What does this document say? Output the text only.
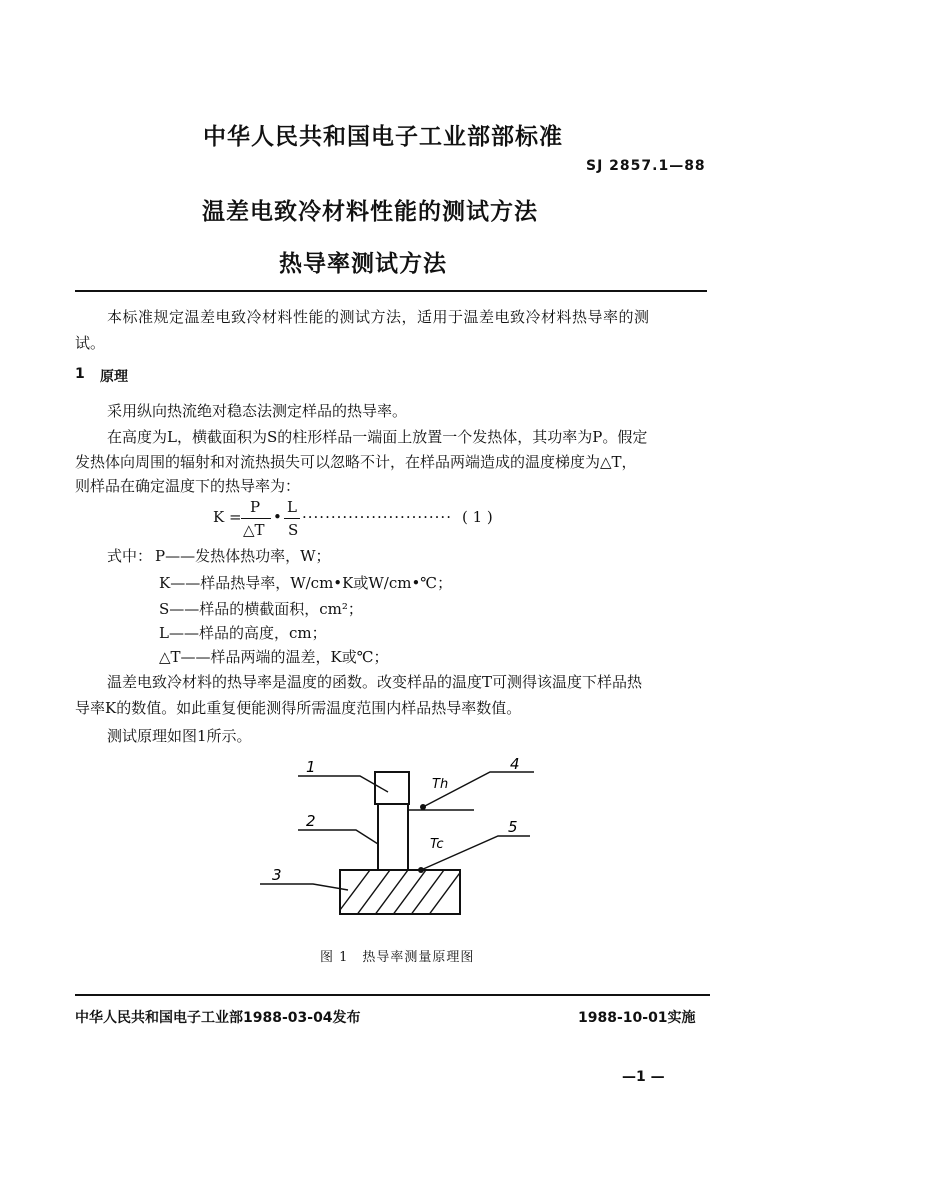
中华人民共和国电子工业部部标准
SJ 2857.1—88
温差电致冷材料性能的测试方法
热导率测试方法
本标准规定温差电致冷材料性能的测试方法，适用于温差电致冷材料热导率的测
试。
1 原理
采用纵向热流绝对稳态法测定样品的热导率。
在高度为L，横截面积为S的柱形样品一端面上放置一个发热体，其功率为P。假定
发热体向周围的辐射和对流热损失可以忽略不计，在样品两端造成的温度梯度为△T，
则样品在确定温度下的热导率为：
K =
P
△T
•
L
S
·························· ( 1 )
式中： P——发热体热功率，W；
K——样品热导率，W/cm•K或W/cm•℃；
S——样品的横截面积，cm²；
L——样品的高度，cm；
△T——样品两端的温差，K或℃；
温差电致冷材料的热导率是温度的函数。改变样品的温度T可测得该温度下样品热
导率K的数值。如此重复便能测得所需温度范围内样品热导率数值。
测试原理如图1所示。
1
2
3
4
5
Th
Tc
图 1　热导率测量原理图
中华人民共和国电子工业部1988-03-04发布	1988-10-01实施
—1 —
